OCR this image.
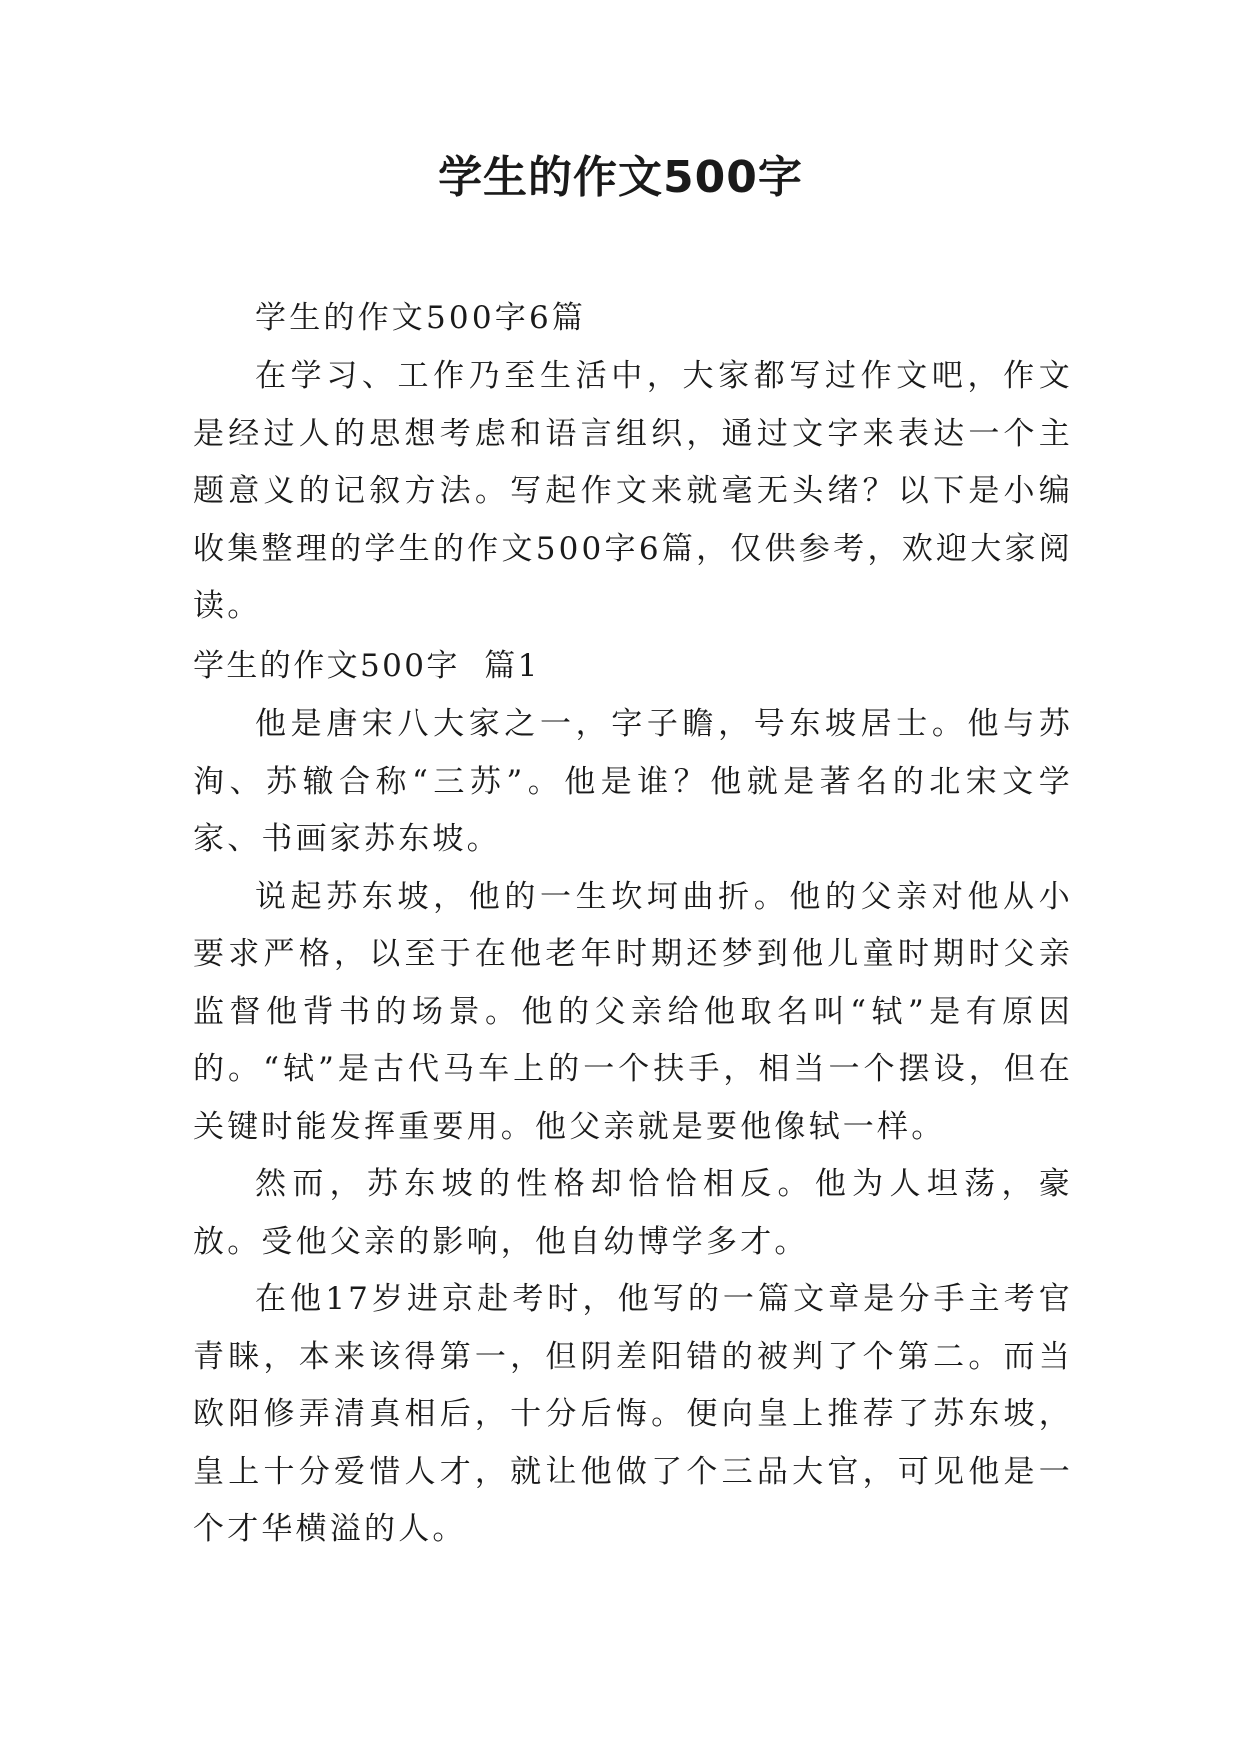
学生的作文500字

学生的作文500字6篇

在学习、工作乃至生活中，大家都写过作文吧，作文是经过人的思想考虑和语言组织，通过文字来表达一个主题意义的记叙方法。写起作文来就毫无头绪？以下是小编收集整理的学生的作文500字6篇，仅供参考，欢迎大家阅读。

学生的作文500字  篇1

他是唐宋八大家之一，字子瞻，号东坡居士。他与苏洵、苏辙合称“三苏”。他是谁？他就是著名的北宋文学家、书画家苏东坡。

说起苏东坡，他的一生坎坷曲折。他的父亲对他从小要求严格，以至于在他老年时期还梦到他儿童时期时父亲监督他背书的场景。他的父亲给他取名叫“轼”是有原因的。“轼”是古代马车上的一个扶手，相当一个摆设，但在关键时能发挥重要用。他父亲就是要他像轼一样。

然而，苏东坡的性格却恰恰相反。他为人坦荡，豪放。受他父亲的影响，他自幼博学多才。

在他17岁进京赴考时，他写的一篇文章是分手主考官青睐，本来该得第一，但阴差阳错的被判了个第二。而当欧阳修弄清真相后，十分后悔。便向皇上推荐了苏东坡，皇上十分爱惜人才，就让他做了个三品大官，可见他是一个才华横溢的人。
